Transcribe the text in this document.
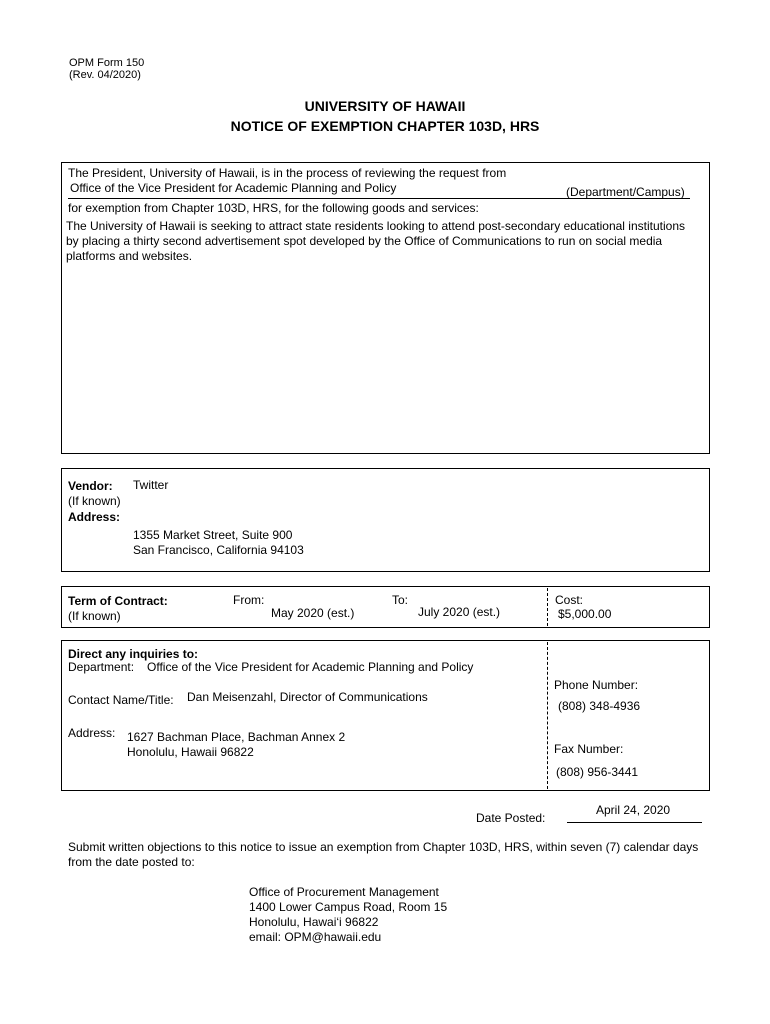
OPM Form 150
(Rev. 04/2020)
UNIVERSITY OF HAWAII
NOTICE OF EXEMPTION CHAPTER 103D, HRS
The President, University of Hawaii, is in the process of reviewing the request from
Office of the Vice President for Academic Planning and Policy	(Department/Campus)
for exemption from Chapter 103D, HRS, for the following goods and services:
The University of Hawaii is seeking to attract state residents looking to attend post-secondary educational institutions by placing a thirty second advertisement spot developed by the Office of Communications to run on social media platforms and websites.
Vendor: Twitter
(If known)
Address:
1355 Market Street, Suite 900
San Francisco, California 94103
Term of Contract:
(If known)
From:
May 2020 (est.)
To:
July 2020 (est.)
Cost:
$5,000.00
Direct any inquiries to:
Department: Office of the Vice President for Academic Planning and Policy
Contact Name/Title: Dan Meisenzahl, Director of Communications
Address: 1627 Bachman Place, Bachman Annex 2
Honolulu, Hawaii 96822
Phone Number:
(808) 348-4936
Fax Number:
(808) 956-3441
Date Posted:
April 24, 2020
Submit written objections to this notice to issue an exemption from Chapter 103D, HRS, within seven (7) calendar days from the date posted to:
Office of Procurement Management
1400 Lower Campus Road, Room 15
Honolulu, Hawai‘i 96822
email: OPM@hawaii.edu
